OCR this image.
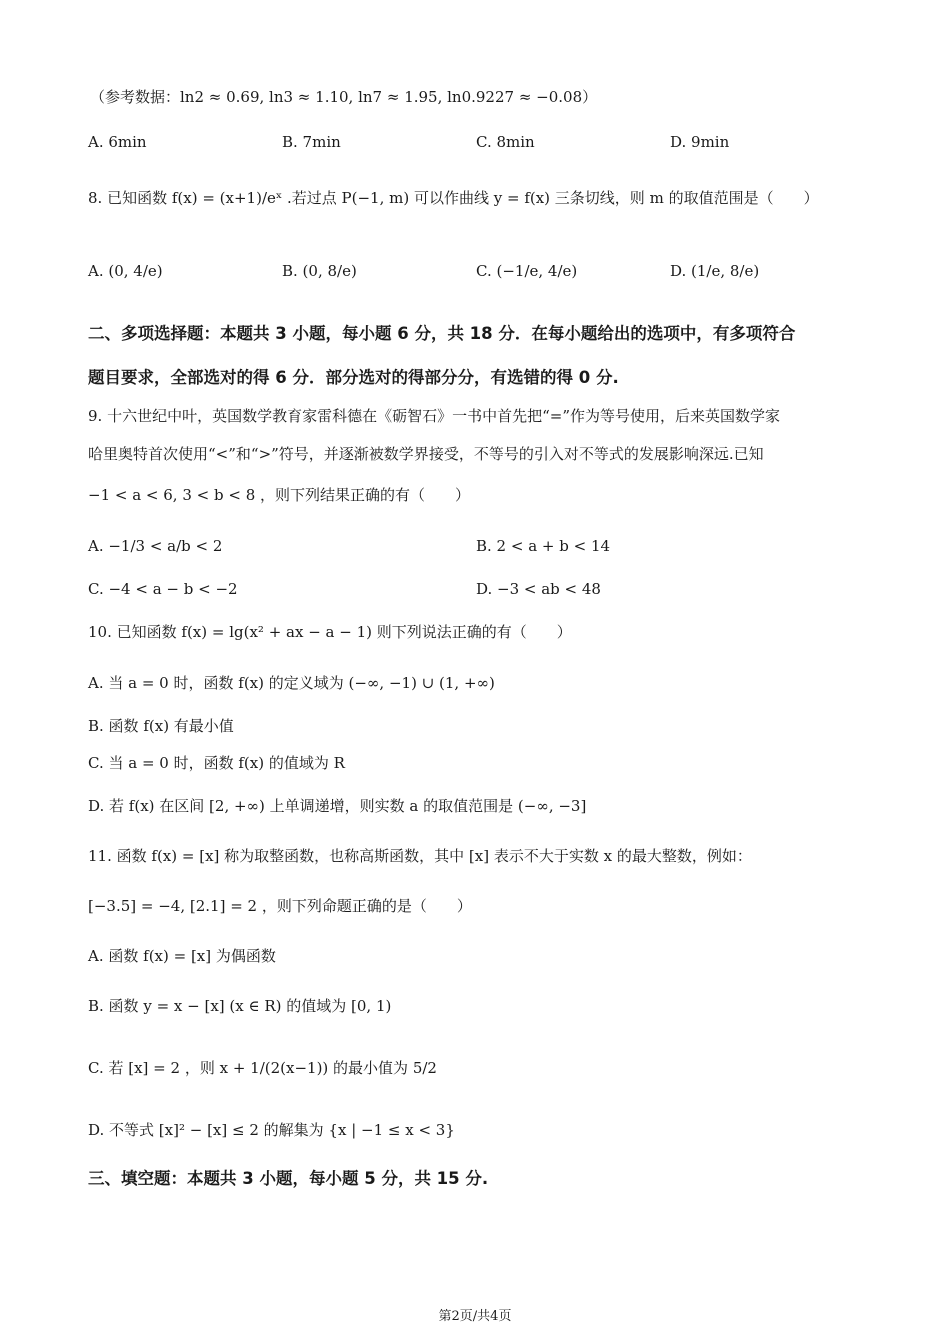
（参考数据：ln2 ≈ 0.69, ln3 ≈ 1.10, ln7 ≈ 1.95, ln0.9227 ≈ −0.08）
A. 6min	B. 7min	C. 8min	D. 9min
8. 已知函数 f(x) = (x+1)/eˣ .若过点 P(−1, m) 可以作曲线 y = f(x) 三条切线，则 m 的取值范围是（　　）
A. (0, 4/e)	B. (0, 8/e)	C. (−1/e, 4/e)	D. (1/e, 8/e)
二、多项选择题：本题共 3 小题，每小题 6 分，共 18 分．在每小题给出的选项中，有多项符合
题目要求，全部选对的得 6 分．部分选对的得部分分，有选错的得 0 分.
9. 十六世纪中叶，英国数学教育家雷科德在《砺智石》一书中首先把“=”作为等号使用，后来英国数学家
哈里奥特首次使用“<”和“>”符号，并逐渐被数学界接受，不等号的引入对不等式的发展影响深远.已知
−1 < a < 6, 3 < b < 8 ，则下列结果正确的有（　　）
A. −1/3 < a/b < 2	B. 2 < a + b < 14
C. −4 < a − b < −2	D. −3 < ab < 48
10. 已知函数 f(x) = lg(x² + ax − a − 1) 则下列说法正确的有（　　）
A. 当 a = 0 时，函数 f(x) 的定义域为 (−∞, −1) ∪ (1, +∞)
B. 函数 f(x) 有最小值
C. 当 a = 0 时，函数 f(x) 的值域为 R
D. 若 f(x) 在区间 [2, +∞) 上单调递增，则实数 a 的取值范围是 (−∞, −3]
11. 函数 f(x) = [x] 称为取整函数，也称高斯函数，其中 [x] 表示不大于实数 x 的最大整数，例如：
[−3.5] = −4, [2.1] = 2 ，则下列命题正确的是（　　）
A. 函数 f(x) = [x] 为偶函数
B. 函数 y = x − [x] (x ∈ R) 的值域为 [0, 1)
C. 若 [x] = 2 ，则 x + 1/(2(x−1)) 的最小值为 5/2
D. 不等式 [x]² − [x] ≤ 2 的解集为 {x | −1 ≤ x < 3}
三、填空题：本题共 3 小题，每小题 5 分，共 15 分.
第2页/共4页
